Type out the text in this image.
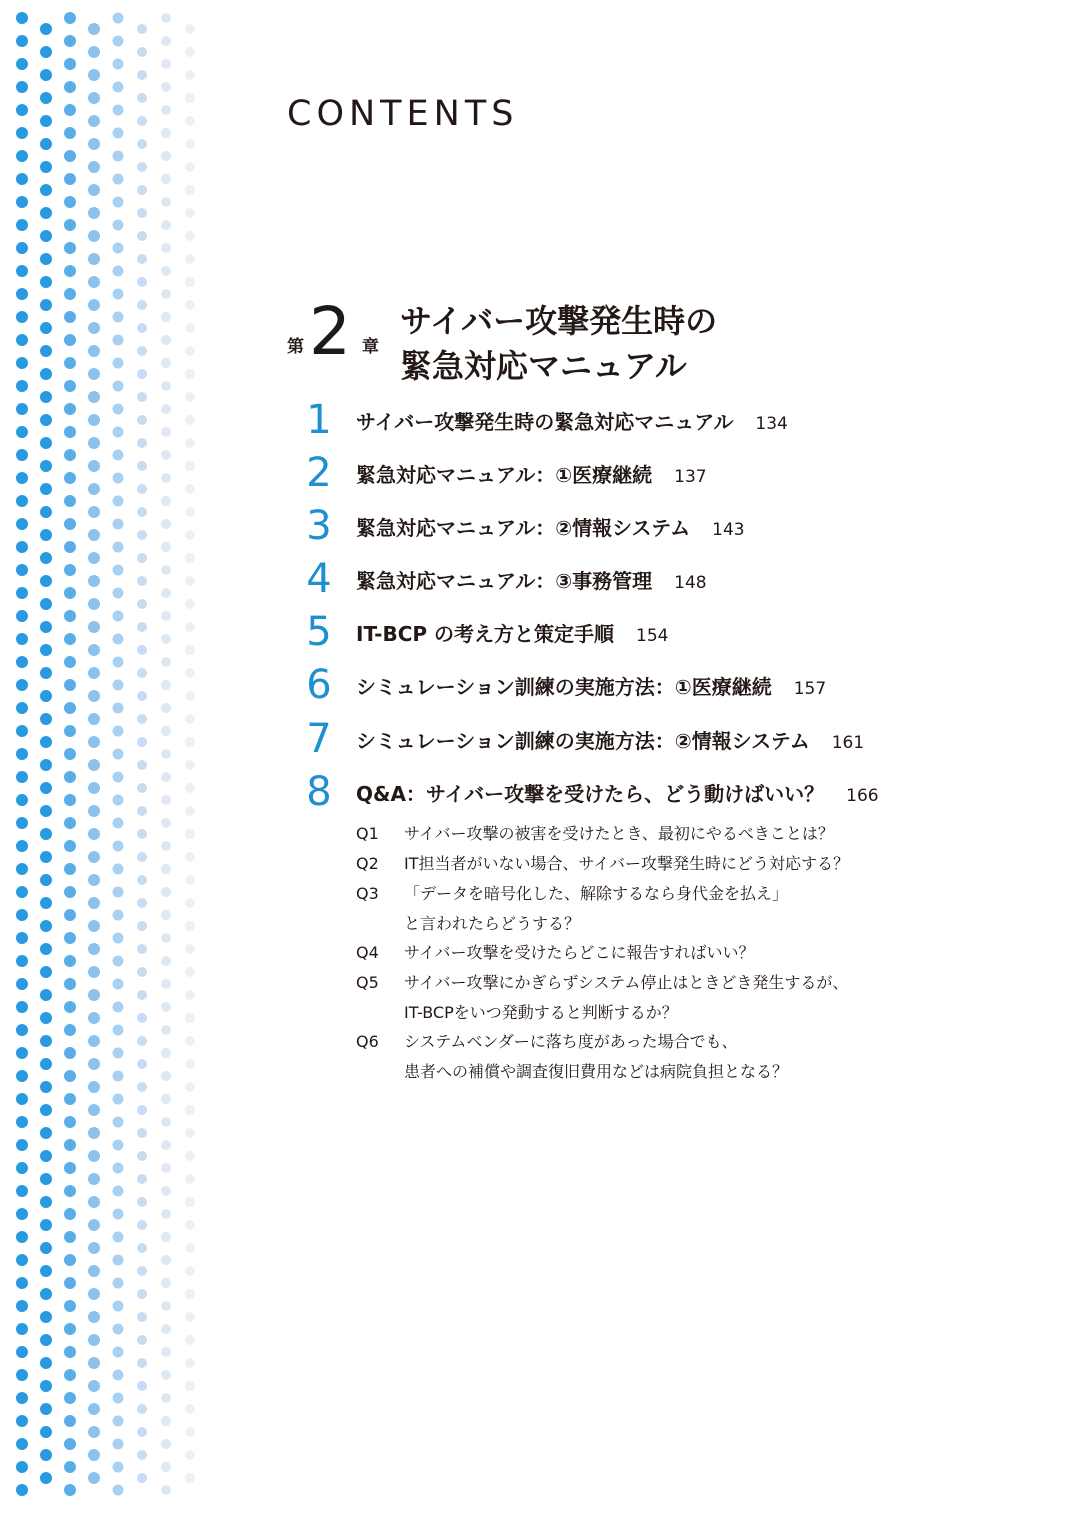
CONTENTS
第 2 章
サイバー攻撃発生時の
緊急対応マニュアル
1	サイバー攻撃発生時の緊急対応マニュアル 134
2	緊急対応マニュアル：①医療継続 137
3	緊急対応マニュアル：②情報システム 143
4	緊急対応マニュアル：③事務管理 148
5	IT-BCP の考え方と策定手順 154
6	シミュレーション訓練の実施方法：①医療継続 157
7	シミュレーション訓練の実施方法：②情報システム 161
8	Q&A：サイバー攻撃を受けたら、どう動けばいい？ 166
Q1 サイバー攻撃の被害を受けたとき、最初にやるべきことは？
Q2 IT担当者がいない場合、サイバー攻撃発生時にどう対応する？
Q3 「データを暗号化した、解除するなら身代金を払え」
と言われたらどうする？
Q4 サイバー攻撃を受けたらどこに報告すればいい？
Q5 サイバー攻撃にかぎらずシステム停止はときどき発生するが、
IT-BCPをいつ発動すると判断するか？
Q6 システムベンダーに落ち度があった場合でも、
患者への補償や調査復旧費用などは病院負担となる？
